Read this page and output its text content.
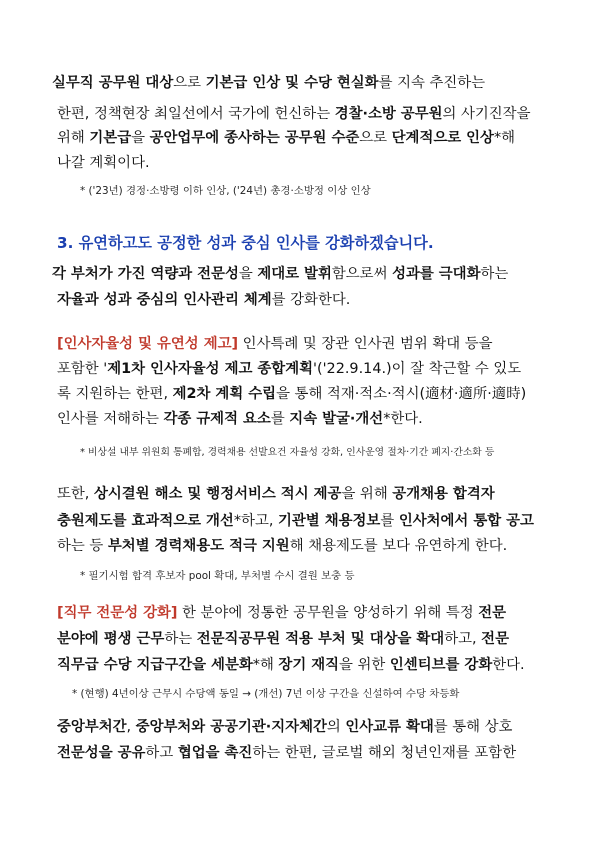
실무직 공무원 대상으로 기본급 인상 및 수당 현실화를 지속 추진하는
한편, 정책현장 최일선에서 국가에 헌신하는 경찰·소방 공무원의 사기진작을
위해 기본급을 공안업무에 종사하는 공무원 수준으로 단계적으로 인상*해
나갈 계획이다.
* ('23년) 경정·소방령 이하 인상, ('24년) 총경·소방정 이상 인상
3. 유연하고도 공정한 성과 중심 인사를 강화하겠습니다.
각 부처가 가진 역량과 전문성을 제대로 발휘함으로써 성과를 극대화하는
자율과 성과 중심의 인사관리 체계를 강화한다.
[인사자율성 및 유연성 제고] 인사특례 및 장관 인사권 범위 확대 등을
포함한 '제1차 인사자율성 제고 종합계획'('22.9.14.)이 잘 착근할 수 있도
록 지원하는 한편, 제2차 계획 수립을 통해 적재·적소·적시(適材·適所·適時)
인사를 저해하는 각종 규제적 요소를 지속 발굴·개선*한다.
* 비상설 내부 위원회 통폐합, 경력채용 선발요건 자율성 강화, 인사운영 절차·기간 폐지·간소화 등
또한, 상시결원 해소 및 행정서비스 적시 제공을 위해 공개채용 합격자
충원제도를 효과적으로 개선*하고, 기관별 채용정보를 인사처에서 통합 공고
하는 등 부처별 경력채용도 적극 지원해 채용제도를 보다 유연하게 한다.
* 필기시험 합격 후보자 pool 확대, 부처별 수시 결원 보충 등
[직무 전문성 강화] 한 분야에 정통한 공무원을 양성하기 위해 특정 전문
분야에 평생 근무하는 전문직공무원 적용 부처 및 대상을 확대하고, 전문
직무급 수당 지급구간을 세분화*해 장기 재직을 위한 인센티브를 강화한다.
* (현행) 4년이상 근무시 수당액 동일 → (개선) 7년 이상 구간을 신설하여 수당 차등화
중앙부처간, 중앙부처와 공공기관·지자체간의 인사교류 확대를 통해 상호
전문성을 공유하고 협업을 촉진하는 한편, 글로벌 해외 청년인재를 포함한
